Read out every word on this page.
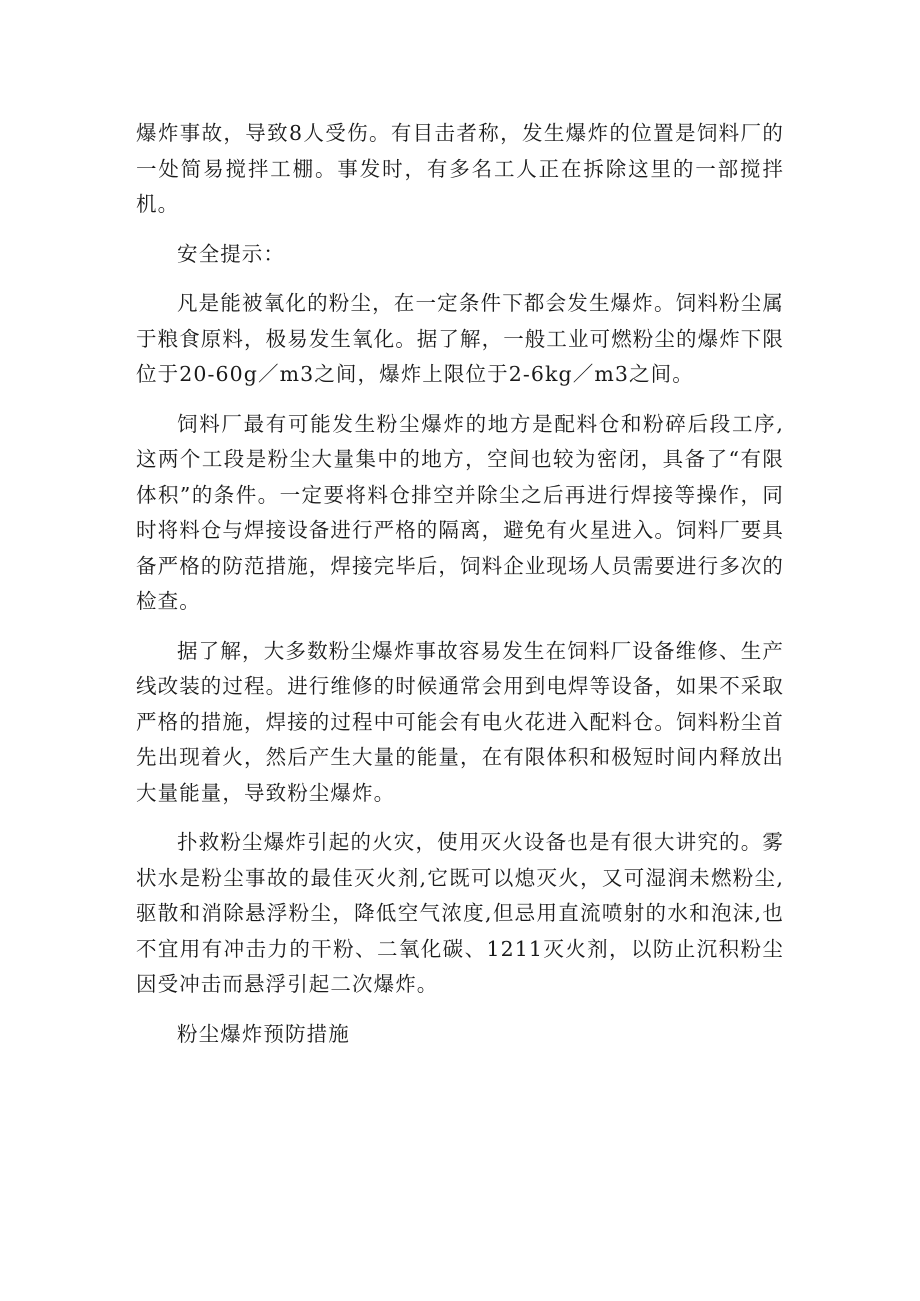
爆炸事故，导致8人受伤。有目击者称，发生爆炸的位置是饲料厂的一处简易搅拌工棚。事发时，有多名工人正在拆除这里的一部搅拌机。

安全提示：

凡是能被氧化的粉尘，在一定条件下都会发生爆炸。饲料粉尘属于粮食原料，极易发生氧化。据了解，一般工业可燃粉尘的爆炸下限位于20-60g／m3之间，爆炸上限位于2-6kg／m3之间。

饲料厂最有可能发生粉尘爆炸的地方是配料仓和粉碎后段工序,这两个工段是粉尘大量集中的地方，空间也较为密闭，具备了“有限体积”的条件。一定要将料仓排空并除尘之后再进行焊接等操作，同时将料仓与焊接设备进行严格的隔离，避免有火星进入。饲料厂要具备严格的防范措施，焊接完毕后，饲料企业现场人员需要进行多次的检查。

据了解，大多数粉尘爆炸事故容易发生在饲料厂设备维修、生产线改装的过程。进行维修的时候通常会用到电焊等设备，如果不采取严格的措施，焊接的过程中可能会有电火花进入配料仓。饲料粉尘首先出现着火，然后产生大量的能量，在有限体积和极短时间内释放出大量能量，导致粉尘爆炸。

扑救粉尘爆炸引起的火灾，使用灭火设备也是有很大讲究的。雾状水是粉尘事故的最佳灭火剂,它既可以熄灭火，又可湿润未燃粉尘,驱散和消除悬浮粉尘，降低空气浓度,但忌用直流喷射的水和泡沫,也不宜用有冲击力的干粉、二氧化碳、1211灭火剂，以防止沉积粉尘因受冲击而悬浮引起二次爆炸。

粉尘爆炸预防措施
